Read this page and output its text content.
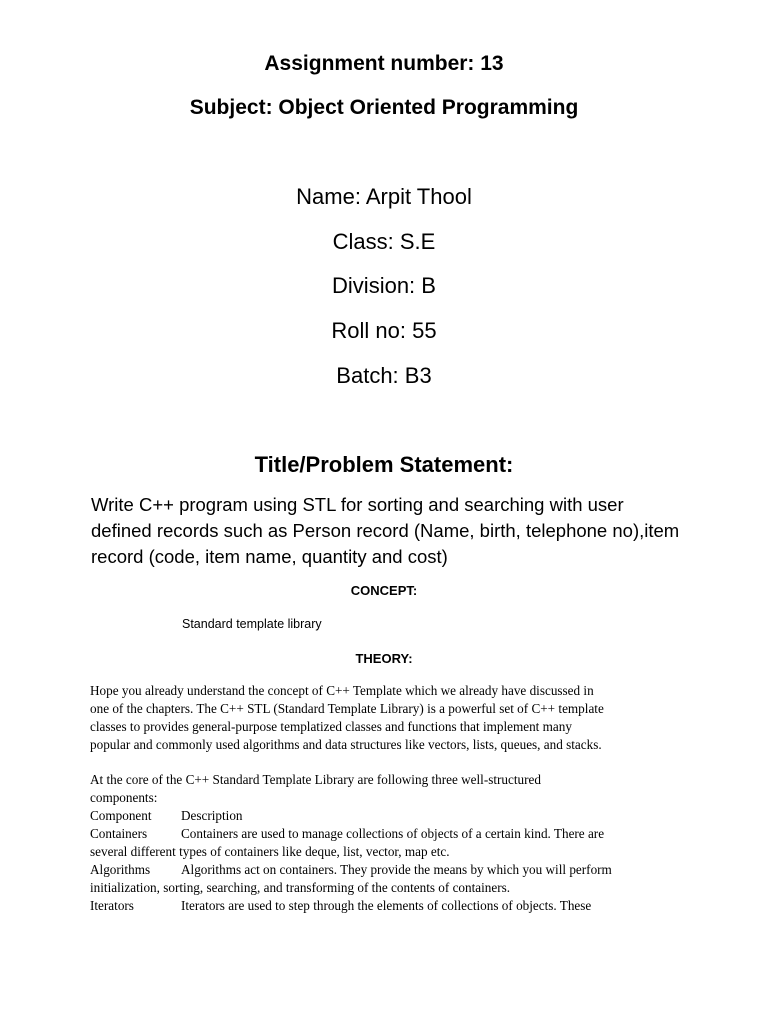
Assignment number: 13
Subject: Object Oriented Programming
Name: Arpit Thool
Class: S.E
Division: B
Roll no: 55
Batch: B3
Title/Problem Statement:
Write C++ program using STL for sorting and searching with user
defined records such as Person record (Name, birth, telephone no),item
record (code, item name, quantity and cost)
CONCEPT:
Standard template library
THEORY:

Hope you already understand the concept of C++ Template which we already have discussed in

one of the chapters. The C++ STL (Standard Template Library) is a powerful set of C++ template

classes to provides general-purpose templatized classes and functions that implement many

popular and commonly used algorithms and data structures like vectors, lists, queues, and stacks.

At the core of the C++ Standard Template Library are following three well-structured

components:

Component Description

Containers	Containers are used to manage collections of objects of a certain kind. There are

several different types of containers like deque, list, vector, map etc.

Algorithms Algorithms act on containers. They provide the means by which you will perform

initialization, sorting, searching, and transforming of the contents of containers.

Iterators	Iterators are used to step through the elements of collections of objects. These
